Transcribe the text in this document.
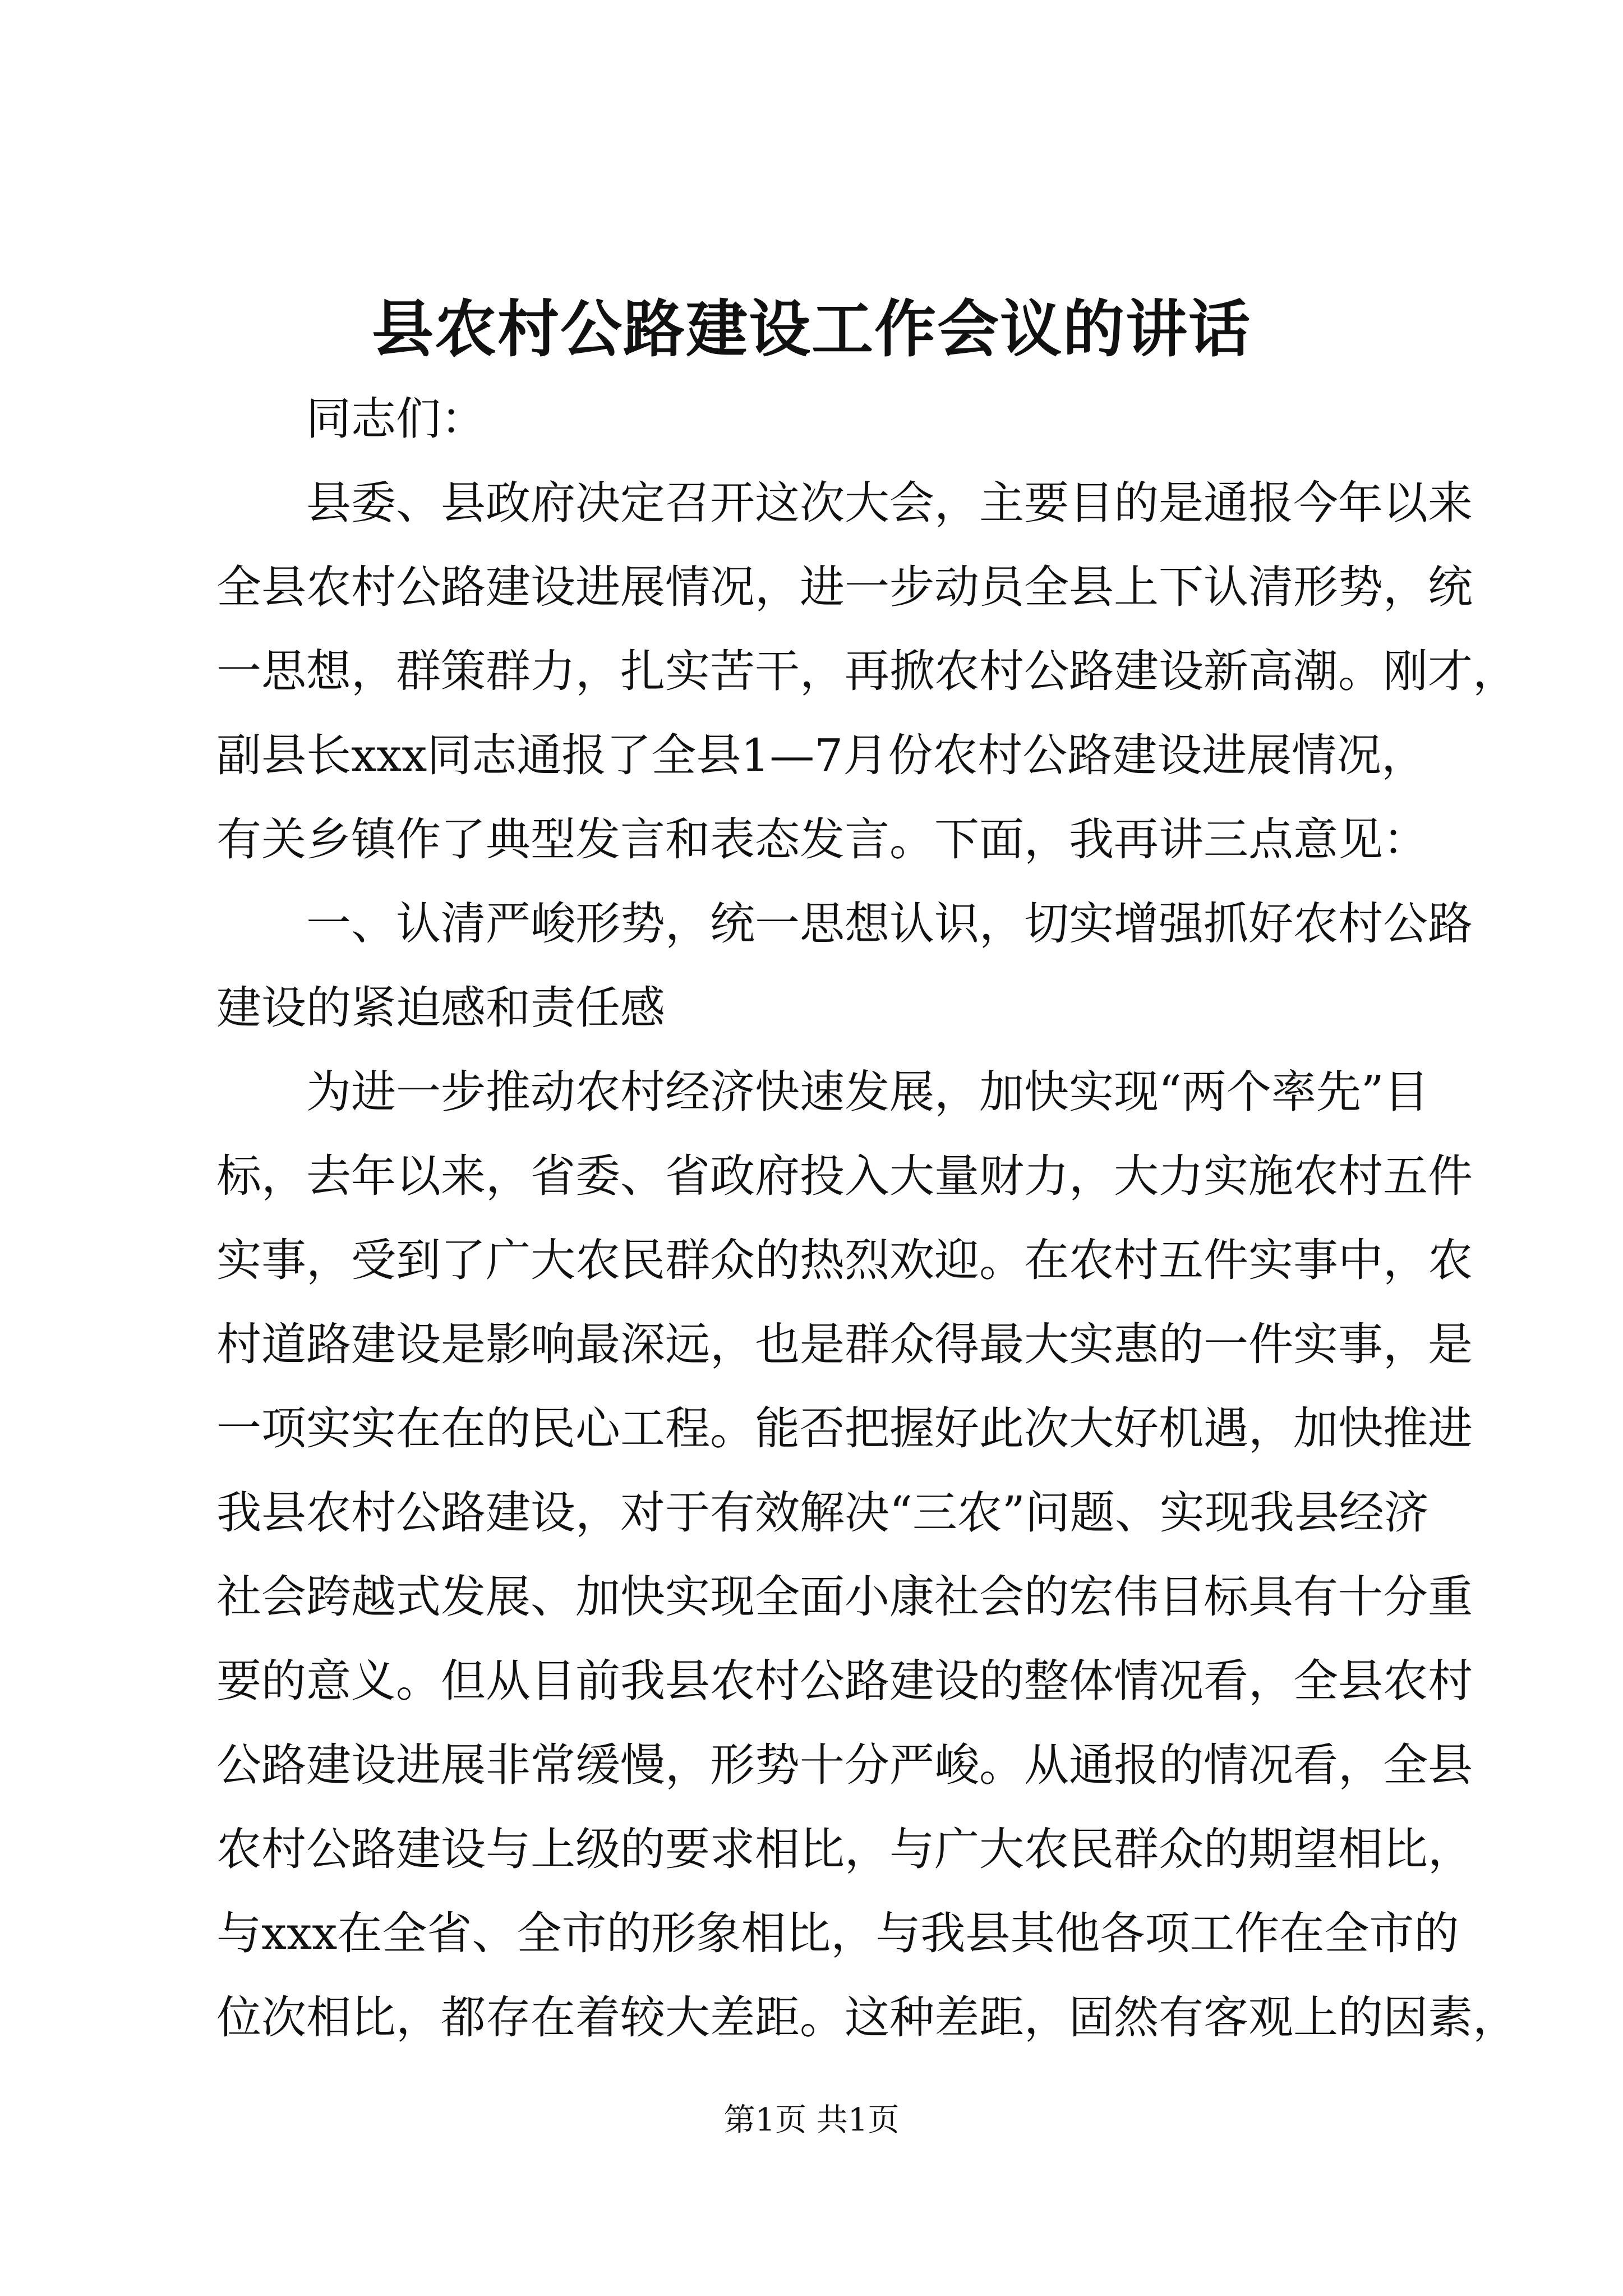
县农村公路建设工作会议的讲话
同志们：
县委、县政府决定召开这次大会，主要目的是通报今年以来
全县农村公路建设进展情况，进一步动员全县上下认清形势，统
一思想，群策群力，扎实苦干，再掀农村公路建设新高潮。刚才，
副县长xxx同志通报了全县1—7月份农村公路建设进展情况，
有关乡镇作了典型发言和表态发言。下面，我再讲三点意见：
一、认清严峻形势，统一思想认识，切实增强抓好农村公路
建设的紧迫感和责任感
为进一步推动农村经济快速发展，加快实现“两个率先”目
标，去年以来，省委、省政府投入大量财力，大力实施农村五件
实事，受到了广大农民群众的热烈欢迎。在农村五件实事中，农
村道路建设是影响最深远，也是群众得最大实惠的一件实事，是
一项实实在在的民心工程。能否把握好此次大好机遇，加快推进
我县农村公路建设，对于有效解决“三农”问题、实现我县经济
社会跨越式发展、加快实现全面小康社会的宏伟目标具有十分重
要的意义。但从目前我县农村公路建设的整体情况看，全县农村
公路建设进展非常缓慢，形势十分严峻。从通报的情况看，全县
农村公路建设与上级的要求相比，与广大农民群众的期望相比，
与xxx在全省、全市的形象相比，与我县其他各项工作在全市的
位次相比，都存在着较大差距。这种差距，固然有客观上的因素，
第1页 共1页
